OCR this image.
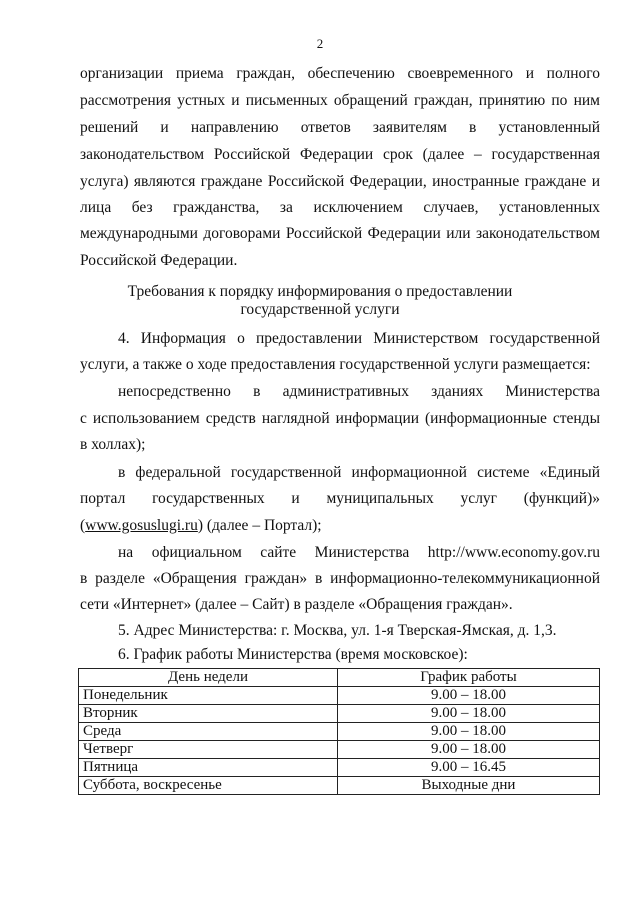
2
организации приема граждан, обеспечению своевременного и полного
рассмотрения устных и письменных обращений граждан, принятию по ним
решений и направлению ответов заявителям в установленный
законодательством Российской Федерации срок (далее – государственная
услуга) являются граждане Российской Федерации, иностранные граждане и
лица без гражданства, за исключением случаев, установленных
международными договорами Российской Федерации или законодательством
Российской Федерации.
Требования к порядку информирования о предоставлении
государственной услуги
4. Информация о предоставлении Министерством государственной
услуги, а также о ходе предоставления государственной услуги размещается:
непосредственно в административных зданиях Министерства
с использованием средств наглядной информации (информационные стенды
в холлах);
в федеральной государственной информационной системе «Единый
портал государственных и муниципальных услуг (функций)»
(www.gosuslugi.ru) (далее – Портал);
на официальном сайте Министерства http://www.economy.gov.ru
в разделе «Обращения граждан» в информационно-телекоммуникационной
сети «Интернет» (далее – Сайт) в разделе «Обращения граждан».
5. Адрес Министерства: г. Москва, ул. 1-я Тверская-Ямская, д. 1,3.
6. График работы Министерства (время московское):
День недели	График работы
Понедельник	9.00 – 18.00
Вторник	9.00 – 18.00
Среда	9.00 – 18.00
Четверг	9.00 – 18.00
Пятница	9.00 – 16.45
Суббота, воскресенье	Выходные дни
